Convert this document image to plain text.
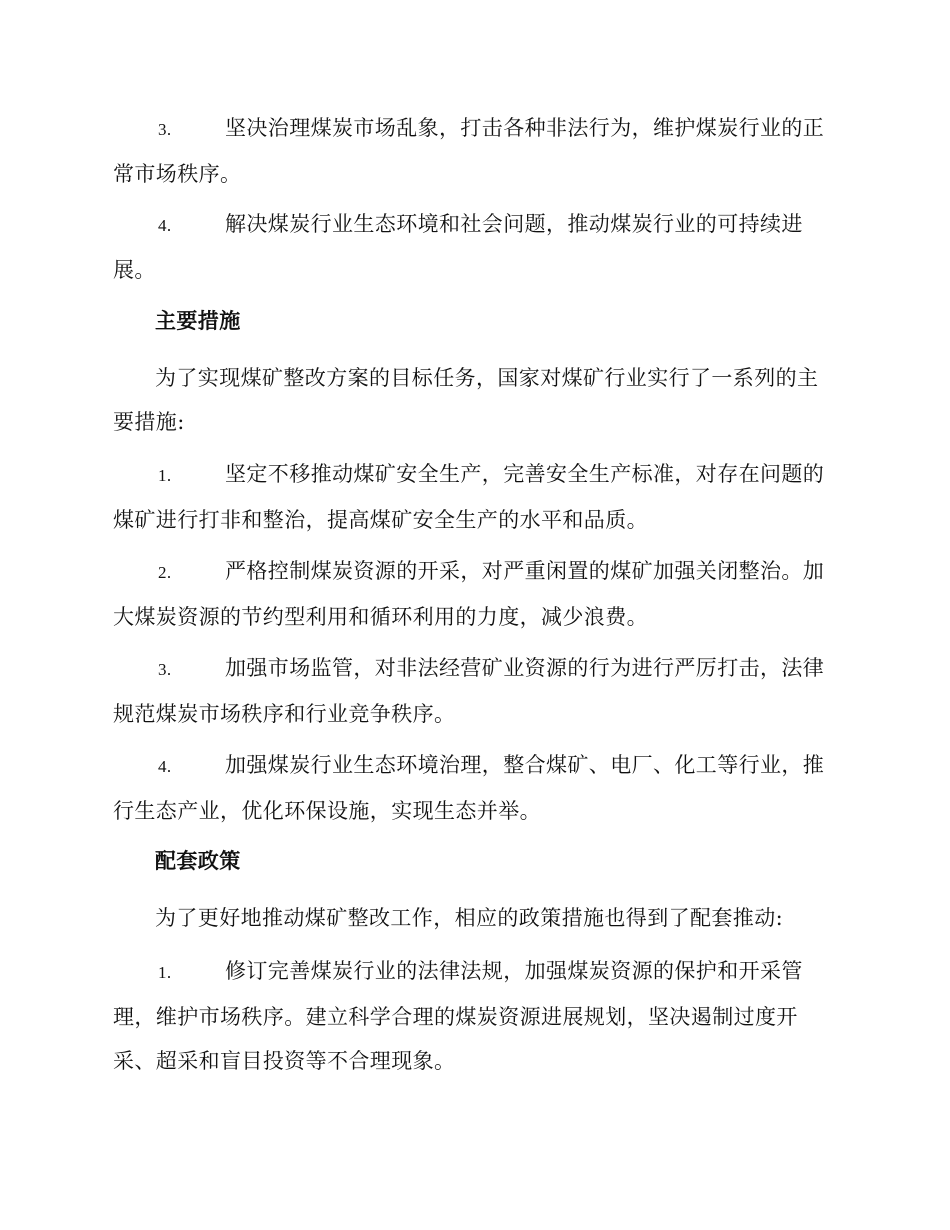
3.	坚决治理煤炭市场乱象，打击各种非法行为，维护煤炭行业的正常市场秩序。

4.	解决煤炭行业生态环境和社会问题，推动煤炭行业的可持续进展。

主要措施

为了实现煤矿整改方案的目标任务，国家对煤矿行业实行了一系列的主要措施:

1.	坚定不移推动煤矿安全生产，完善安全生产标准，对存在问题的煤矿进行打非和整治，提高煤矿安全生产的水平和品质。

2.	严格控制煤炭资源的开采，对严重闲置的煤矿加强关闭整治。加大煤炭资源的节约型利用和循环利用的力度，减少浪费。

3.	加强市场监管，对非法经营矿业资源的行为进行严厉打击，法律规范煤炭市场秩序和行业竞争秩序。

4.	加强煤炭行业生态环境治理，整合煤矿、电厂、化工等行业，推行生态产业，优化环保设施，实现生态并举。

配套政策

为了更好地推动煤矿整改工作，相应的政策措施也得到了配套推动:

1.	修订完善煤炭行业的法律法规，加强煤炭资源的保护和开采管理，维护市场秩序。建立科学合理的煤炭资源进展规划，坚决遏制过度开采、超采和盲目投资等不合理现象。
